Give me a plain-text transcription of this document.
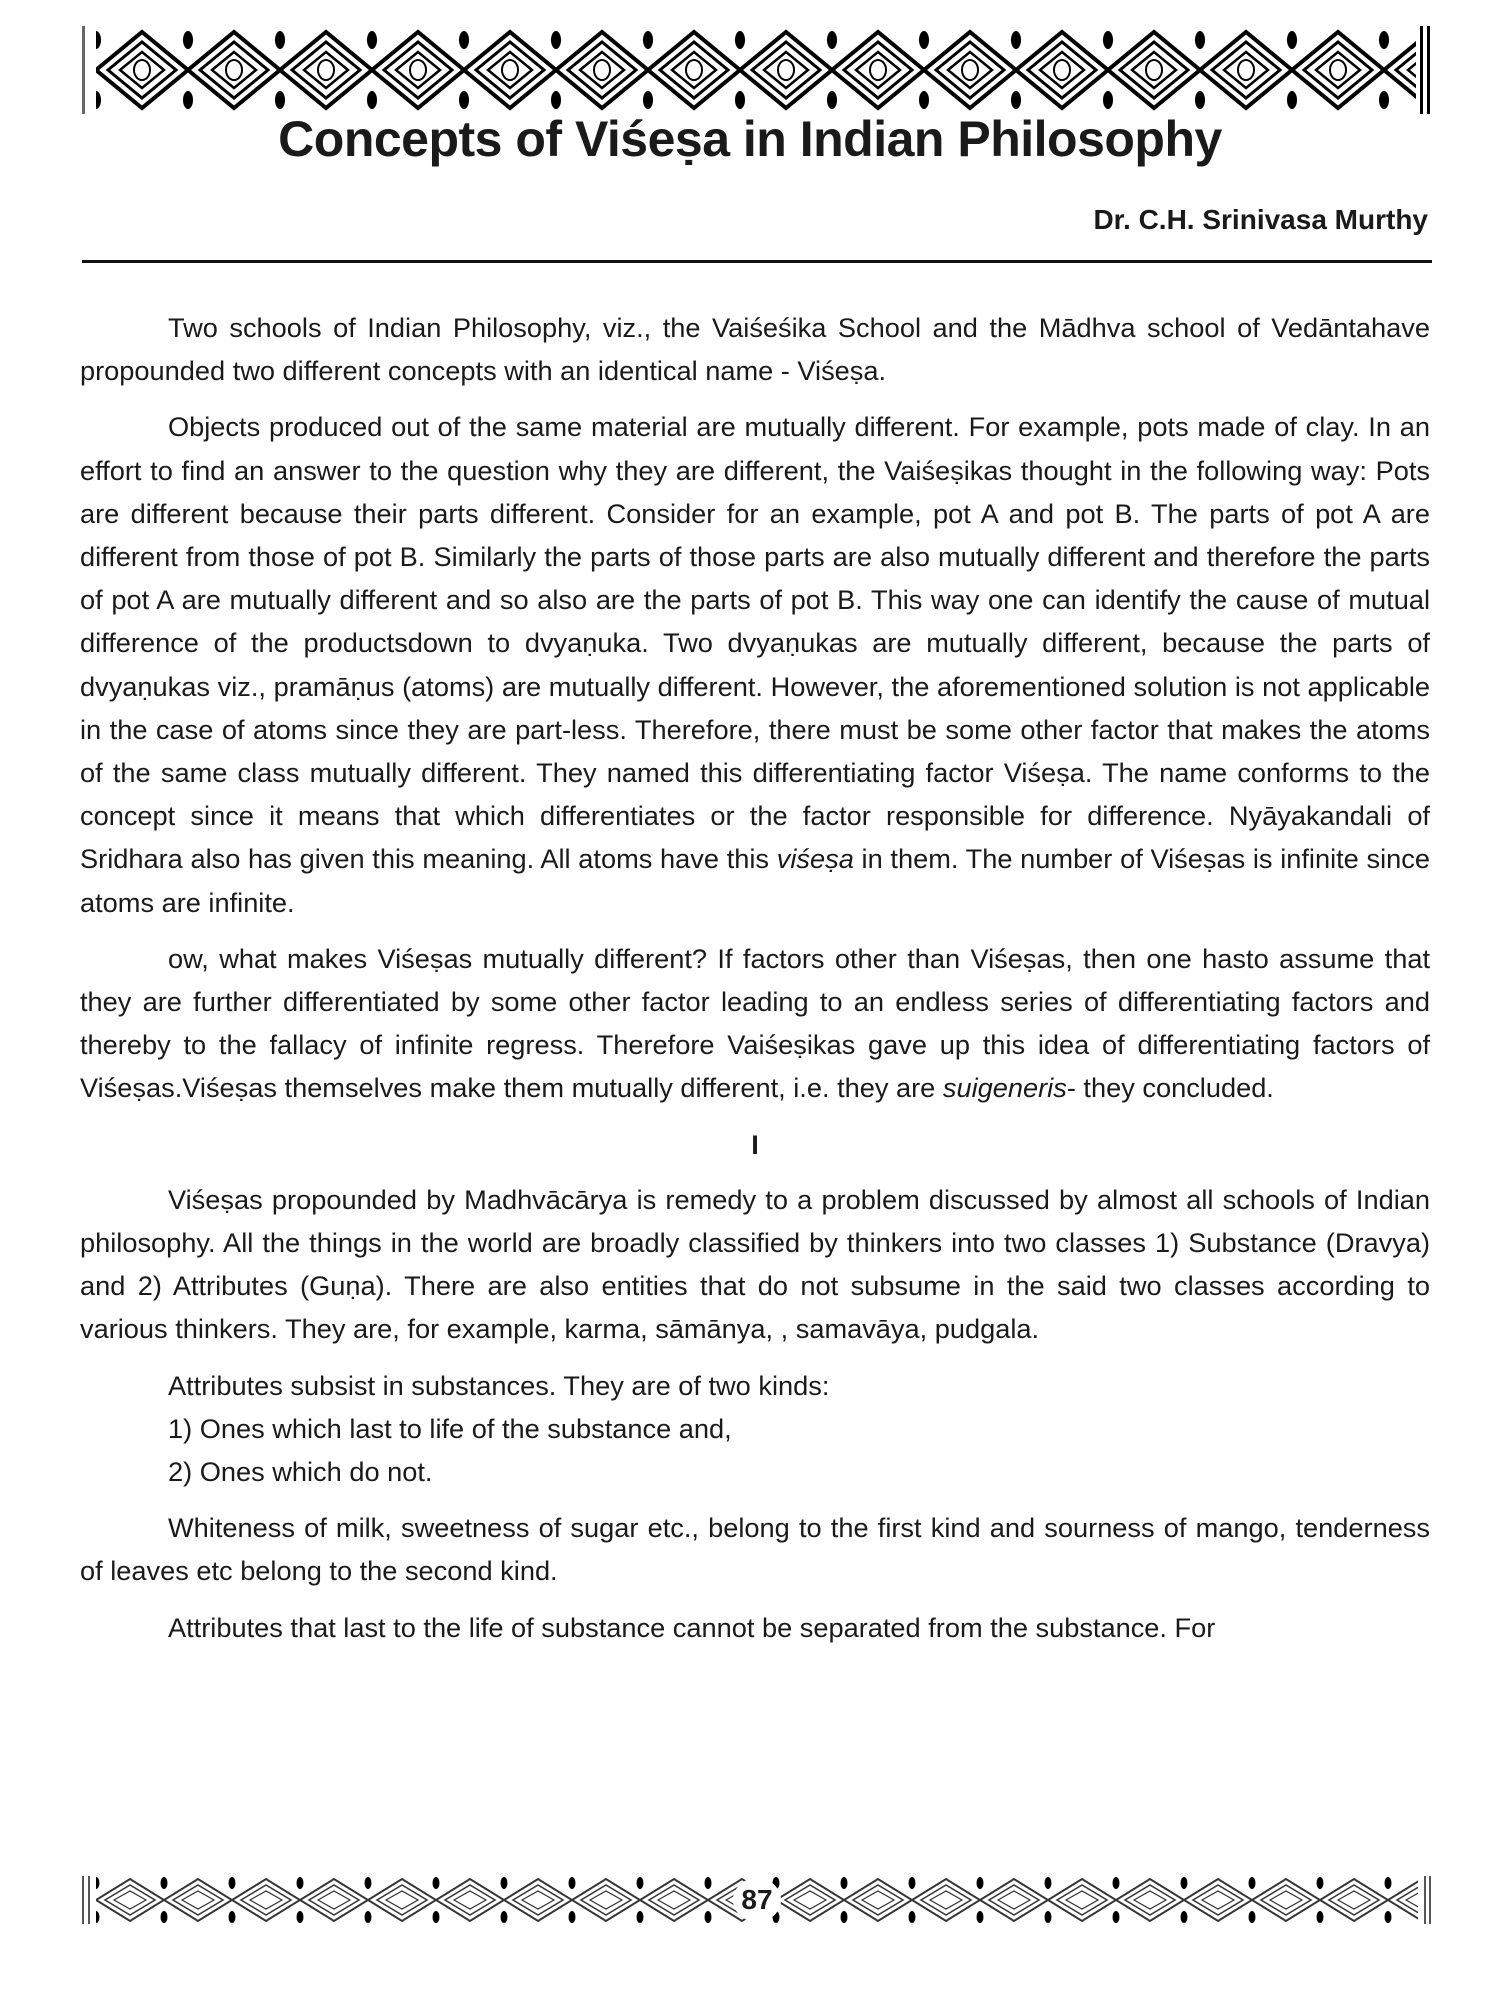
Concepts of Viśeṣa in Indian Philosophy
Dr. C.H. Srinivasa Murthy

Two schools of Indian Philosophy, viz., the Vaiśeśika School and the Mādhva school of Vedāntahave propounded two different concepts with an identical name - Viśeṣa.

Objects produced out of the same material are mutually different. For example, pots made of clay. In an effort to find an answer to the question why they are different, the Vaiśeṣikas thought in the following way: Pots are different because their parts different. Consider for an example, pot A and pot B. The parts of pot A are different from those of pot B. Similarly the parts of those parts are also mutually different and therefore the parts of pot A are mutually different and so also are the parts of pot B. This way one can identify the cause of mutual difference of the productsdown to dvyaṇuka. Two dvyaṇukas are mutually different, because the parts of dvyaṇukas viz., pramāṇus (atoms) are mutually different. However, the aforementioned solution is not applicable in the case of atoms since they are part-less. Therefore, there must be some other factor that makes the atoms of the same class mutually different. They named this differentiating factor Viśeṣa. The name conforms to the concept since it means that which differentiates or the factor responsible for difference. Nyāyakandali of Sridhara also has given this meaning. All atoms have this viśeṣa in them. The number of Viśeṣas is infinite since atoms are infinite.

ow, what makes Viśeṣas mutually different? If factors other than Viśeṣas, then one hasto assume that they are further differentiated by some other factor leading to an endless series of differentiating factors and thereby to the fallacy of infinite regress. Therefore Vaiśeṣikas gave up this idea of differentiating factors of Viśeṣas.Viśeṣas themselves make them mutually different, i.e. they are suigeneris- they concluded.

I

Viśeṣas propounded by Madhvācārya is remedy to a problem discussed by almost all schools of Indian philosophy. All the things in the world are broadly classified by thinkers into two classes 1) Substance (Dravya) and 2) Attributes (Guṇa). There are also entities that do not subsume in the said two classes according to various thinkers. They are, for example, karma, sāmānya, , samavāya, pudgala.

Attributes subsist in substances. They are of two kinds:

1) Ones which last to life of the substance and,

2) Ones which do not.

Whiteness of milk, sweetness of sugar etc., belong to the first kind and sourness of mango, tenderness of leaves etc belong to the second kind.

Attributes that last to the life of substance cannot be separated from the substance. For

87
